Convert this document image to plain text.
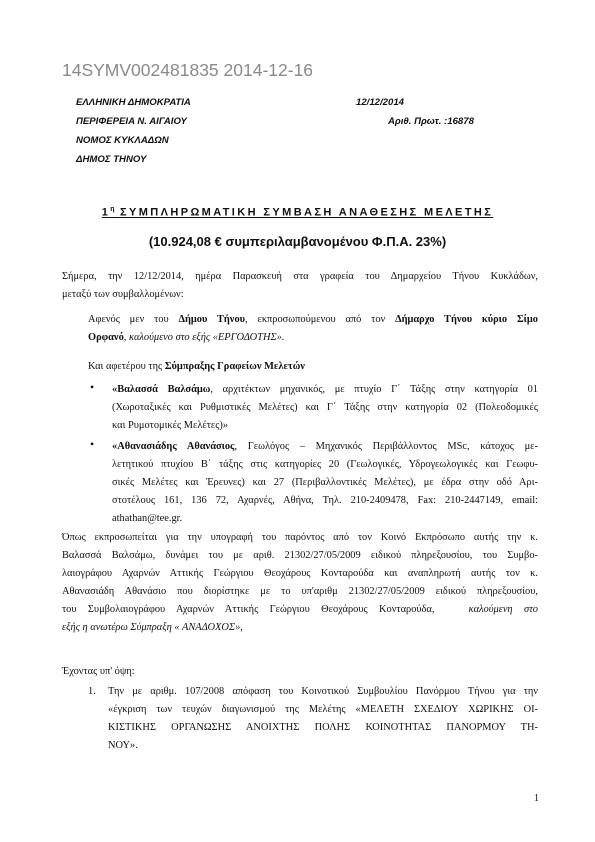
14SYMV002481835 2014-12-16
ΕΛΛΗΝΙΚΗ ΔΗΜΟΚΡΑΤΙΑ	12/12/2014
ΠΕΡΙΦΕΡΕΙΑ Ν. ΑΙΓΑΙΟΥ	Αριθ. Πρωτ. :16878
ΝΟΜΟΣ ΚΥΚΛΑΔΩΝ
ΔΗΜΟΣ ΤΗΝΟΥ
$1^\eta$ ΣΥΜΠΛΗΡΩΜΑΤΙΚΗ ΣΥΜΒΑΣΗ ΑΝΑΘΕΣΗΣ ΜΕΛΕΤΗΣ
(10.924,08 € συμπεριλαμβανομένου Φ.Π.Α. 23%)
Σήμερα, την 12/12/2014, ημέρα Παρασκευή στα γραφεία του Δημαρχείου Τήνου Κυκλάδων,
μεταξύ των συμβαλλομένων:
Αφενός μεν του Δήμου Τήνου, εκπροσωπούμενου από τον Δήμαρχο Τήνου κύριο Σίμο
Ορφανό, καλούμενο στο εξής «ΕΡΓΟΔΟΤΗΣ».
Και αφετέρου της Σύμπραξης Γραφείων Μελετών
• «Βαλασσά Βαλσάμω, αρχιτέκτων μηχανικός, με πτυχίο Γ΄ Τάξης στην κατηγορία 01
(Χωροταξικές και Ρυθμιστικές Μελέτες) και Γ΄ Τάξης στην κατηγορία 02 (Πολεοδομικές
και Ρυμοτομικές Μελέτες)»
• «Αθανασιάδης Αθανάσιος, Γεωλόγος – Μηχανικός Περιβάλλοντος MSc, κάτοχος με-
λετητικού πτυχίου Β΄ τάξης στις κατηγορίες 20 (Γεωλογικές, Υδρογεωλογικές και Γεωφυ-
σικές Μελέτες και Έρευνες) και 27 (Περιβαλλοντικές Μελέτες), με έδρα στην οδό Αρι-
στοτέλους 161, 136 72, Αχαρνές, Αθήνα, Τηλ. 210-2409478, Fax: 210-2447149, email:
athathan@tee.gr.
Όπως εκπροσωπείται για την υπογραφή του παρόντος από τον Κοινό Εκπρόσωπο αυτής την κ.
Βαλασσά Βαλσάμω, δυνάμει του με αριθ. 21302/27/05/2009 ειδικού πληρεξουσίου, του Συμβο-
λαιογράφου Αχαρνών Αττικής Γεώργιου Θεοχάρους Κονταρούδα και αναπληρωτή αυτής τον κ.
Αθανασιάδη Αθανάσιο που διορίστηκε με το υπ'αριθμ 21302/27/05/2009 ειδικού πληρεξουσίου,
του Συμβολαιογράφου Αχαρνών Αττικής Γεώργιου Θεοχάρους Κονταρούδα,	καλούμενη στο
εξής η ανωτέρω Σύμπραξη « ΑΝΑΔΟΧΟΣ»,
Έχοντας υπ' όψη:
1.	Την με αριθμ. 107/2008 απόφαση του Κοινοτικού Συμβουλίου Πανόρμου Τήνου για την
«έγκριση των τευχών διαγωνισμού της Μελέτης «ΜΕΛΕΤΗ ΣΧΕΔΙΟΥ ΧΩΡΙΚΗΣ ΟΙ-
ΚΙΣΤΙΚΗΣ ΟΡΓΑΝΩΣΗΣ ΑΝΟΙΧΤΗΣ ΠΟΛΗΣ ΚΟΙΝΟΤΗΤΑΣ ΠΑΝΟΡΜΟΥ ΤΗ-
ΝΟΥ».
1
